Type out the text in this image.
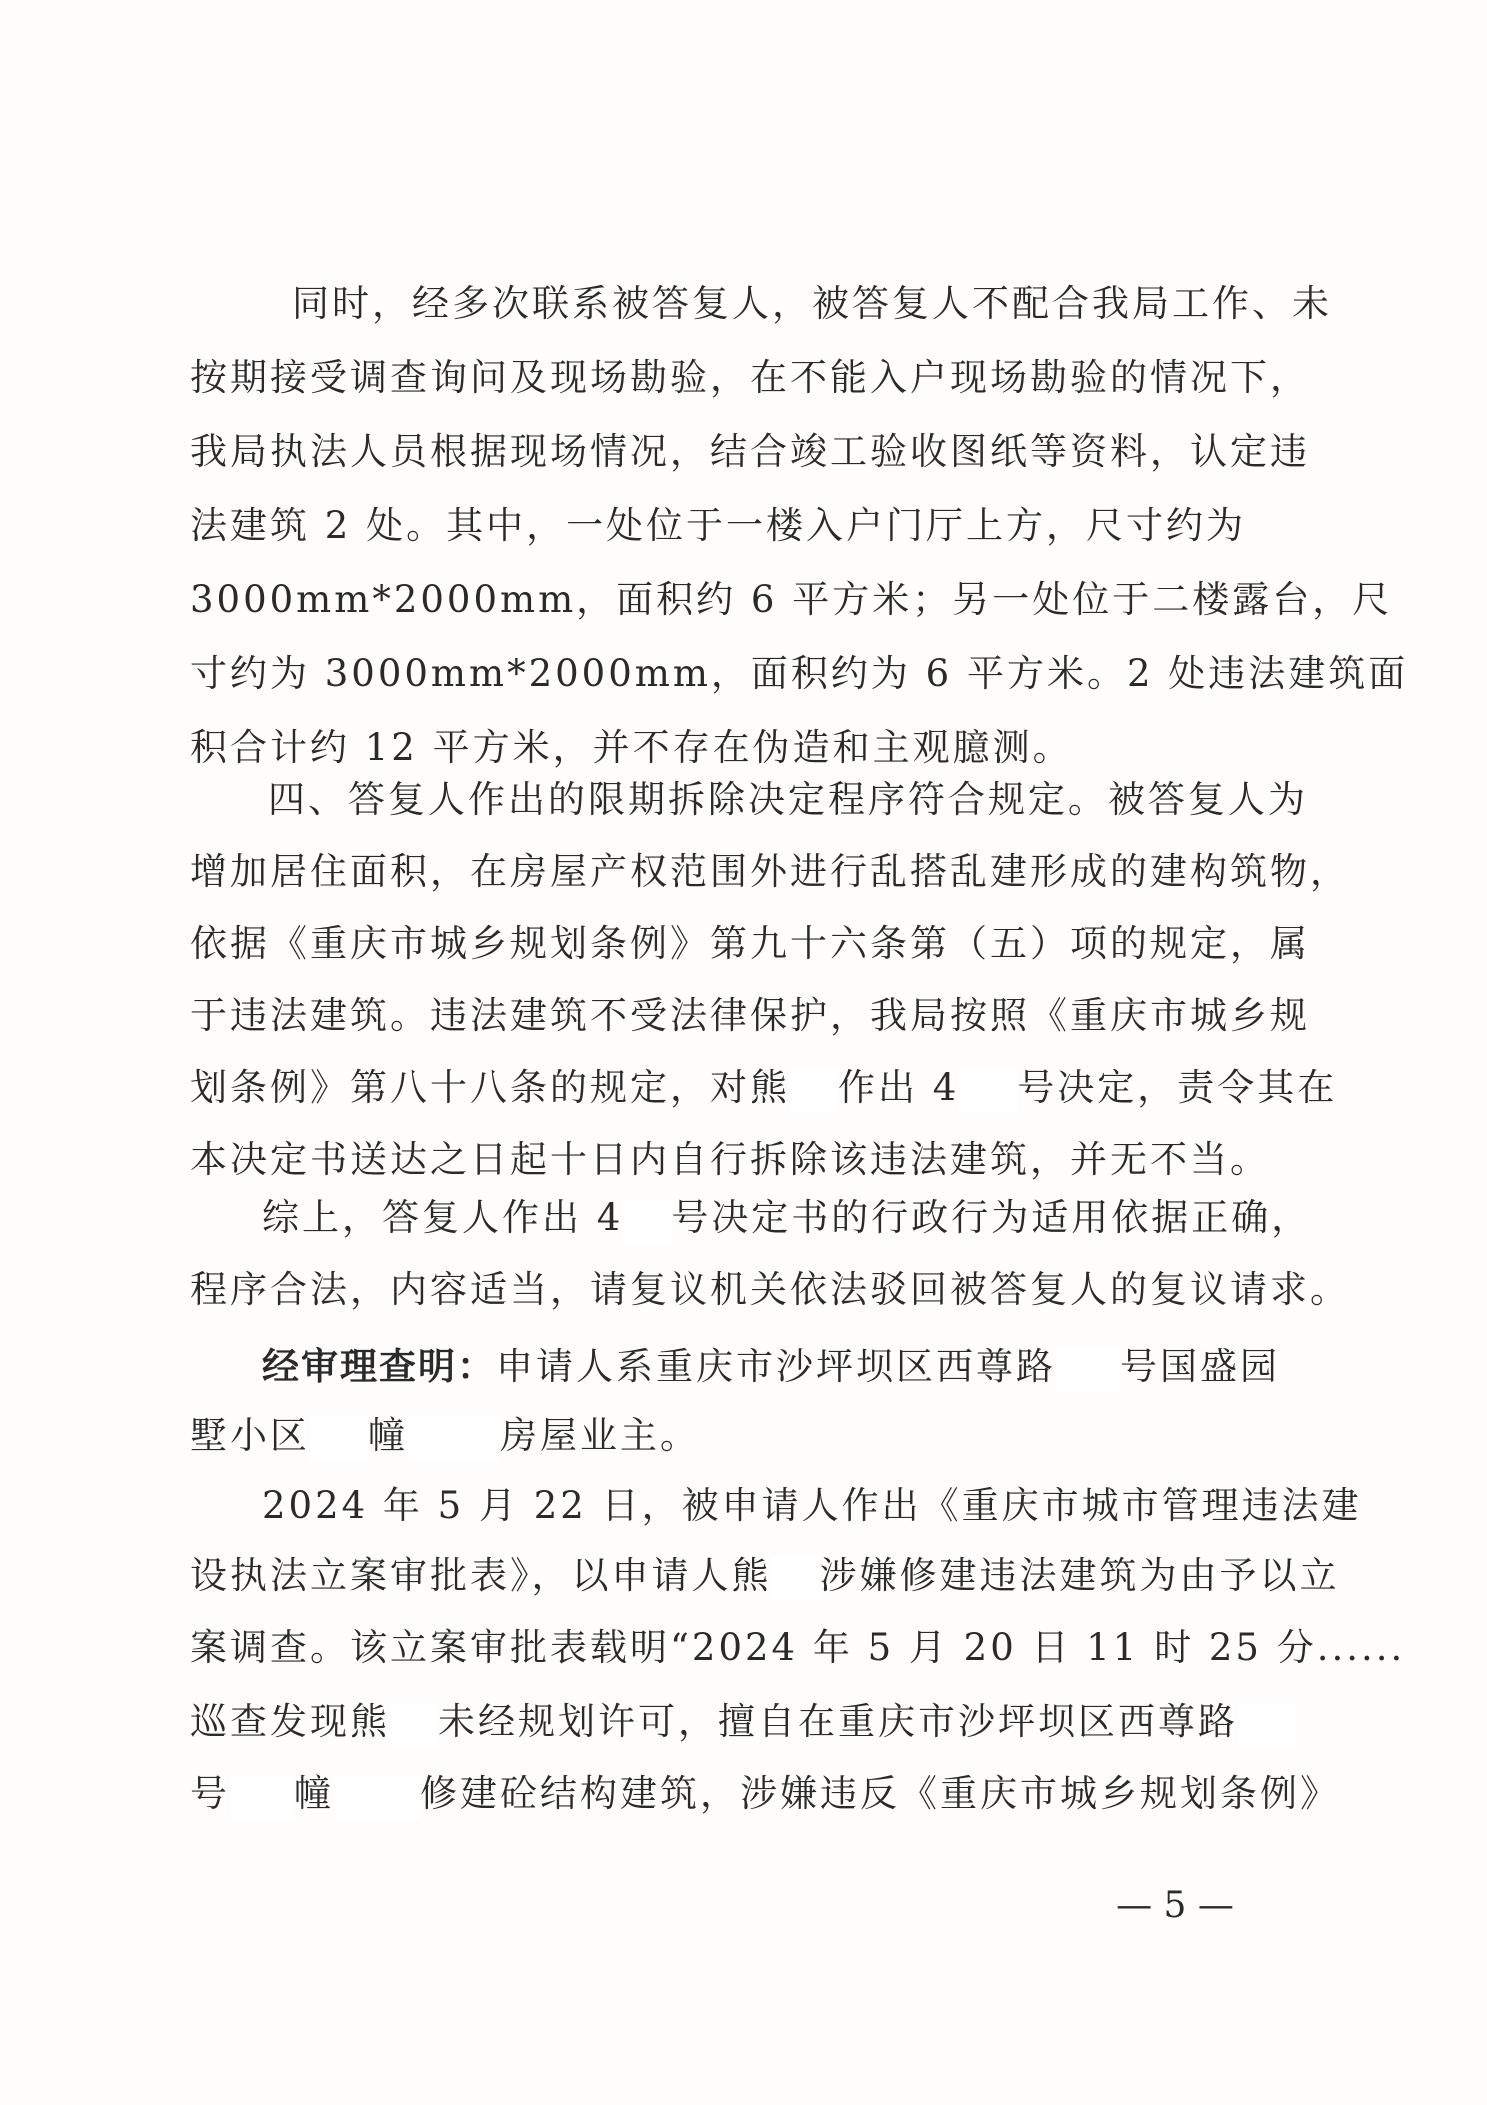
同时，经多次联系被答复人，被答复人不配合我局工作、未
按期接受调查询问及现场勘验，在不能入户现场勘验的情况下，
我局执法人员根据现场情况，结合竣工验收图纸等资料，认定违
法建筑 2 处。其中，一处位于一楼入户门厅上方，尺寸约为
3000mm*2000mm，面积约 6 平方米；另一处位于二楼露台，尺
寸约为 3000mm*2000mm，面积约为 6 平方米。2 处违法建筑面
积合计约 12 平方米，并不存在伪造和主观臆测。
四、答复人作出的限期拆除决定程序符合规定。被答复人为
增加居住面积，在房屋产权范围外进行乱搭乱建形成的建构筑物，
依据《重庆市城乡规划条例》第九十六条第（五）项的规定，属
于违法建筑。违法建筑不受法律保护，我局按照《重庆市城乡规
划条例》第八十八条的规定，对熊 作出 4 号决定，责令其在
本决定书送达之日起十日内自行拆除该违法建筑，并无不当。
综上，答复人作出 4 号决定书的行政行为适用依据正确，
程序合法，内容适当，请复议机关依法驳回被答复人的复议请求。
经审理查明：申请人系重庆市沙坪坝区西尊路 号国盛园
墅小区 幢 房屋业主。
2024 年 5 月 22 日，被申请人作出《重庆市城市管理违法建
设执法立案审批表》，以申请人熊 涉嫌修建违法建筑为由予以立
案调查。该立案审批表载明“2024 年 5 月 20 日 11 时 25 分......
巡查发现熊 未经规划许可，擅自在重庆市沙坪坝区西尊路
号 幢 修建砼结构建筑，涉嫌违反《重庆市城乡规划条例》
— 5 —
